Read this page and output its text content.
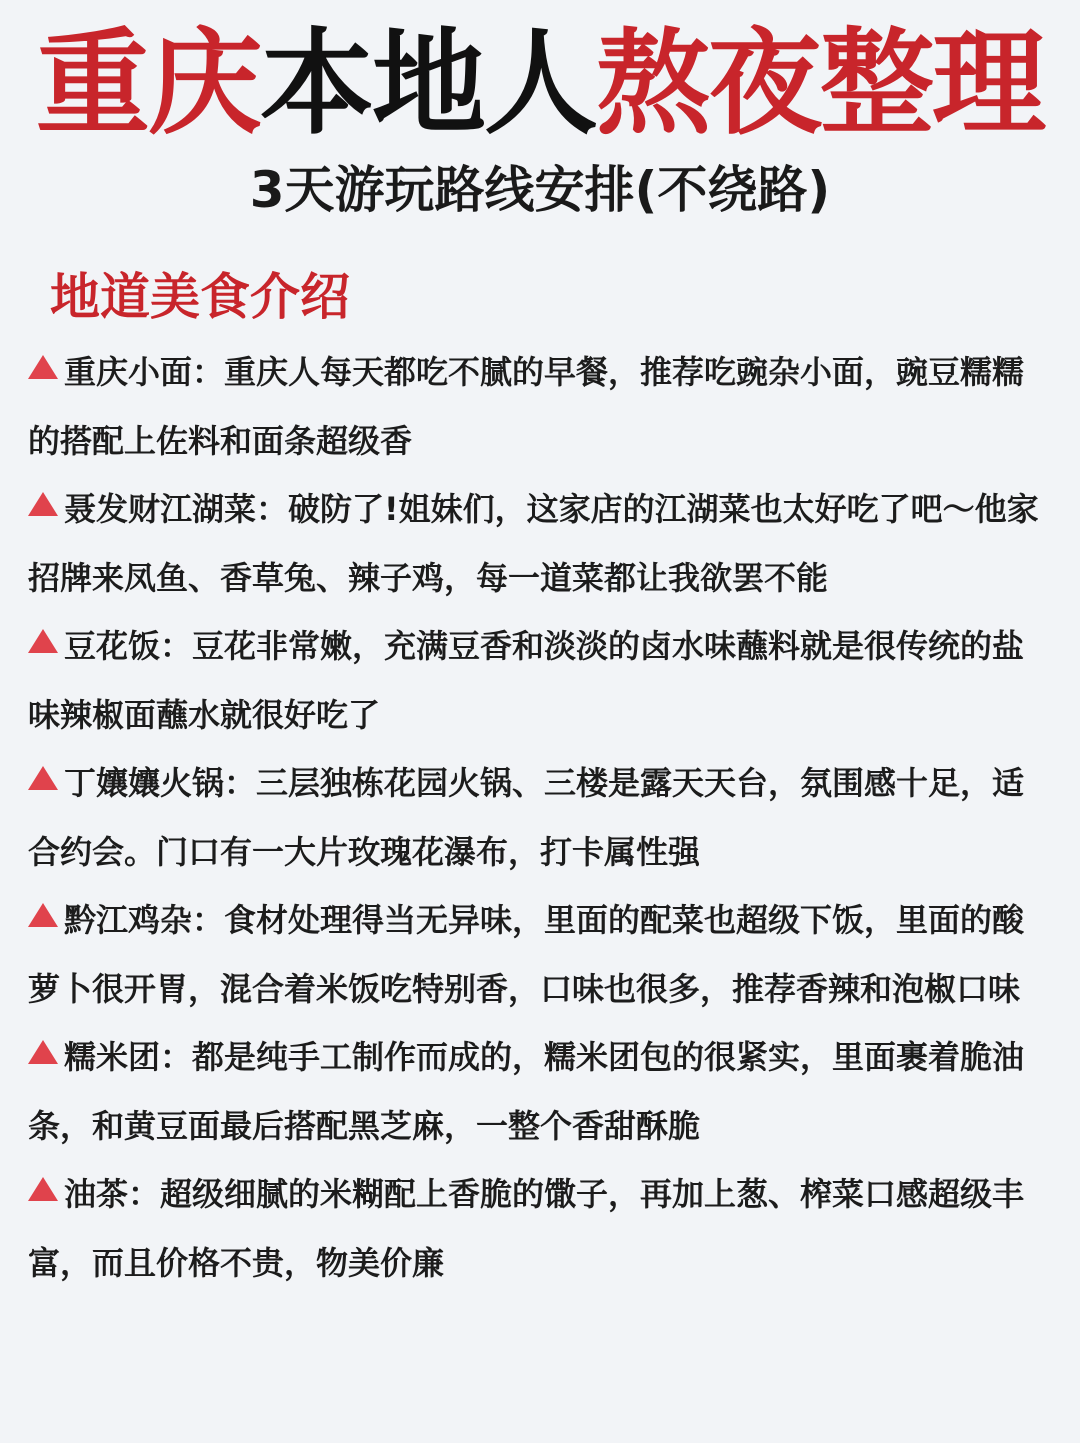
重庆本地人熬夜整理
3天游玩路线安排(不绕路)
地道美食介绍

重庆小面：重庆人每天都吃不腻的早餐，推荐吃豌杂小面，豌豆糯糯的搭配上佐料和面条超级香

聂发财江湖菜：破防了!姐妹们，这家店的江湖菜也太好吃了吧～他家招牌来凤鱼、香草兔、辣子鸡，每一道菜都让我欲罢不能

豆花饭：豆花非常嫩，充满豆香和淡淡的卤水味蘸料就是很传统的盐味辣椒面蘸水就很好吃了

丁孃孃火锅：三层独栋花园火锅、三楼是露天天台，氛围感十足，适合约会。门口有一大片玫瑰花瀑布，打卡属性强

黔江鸡杂：食材处理得当无异味，里面的配菜也超级下饭，里面的酸萝卜很开胃，混合着米饭吃特别香，口味也很多，推荐香辣和泡椒口味

糯米团：都是纯手工制作而成的，糯米团包的很紧实，里面裹着脆油条，和黄豆面最后搭配黑芝麻，一整个香甜酥脆

油茶：超级细腻的米糊配上香脆的馓子，再加上葱、榨菜口感超级丰富，而且价格不贵，物美价廉
